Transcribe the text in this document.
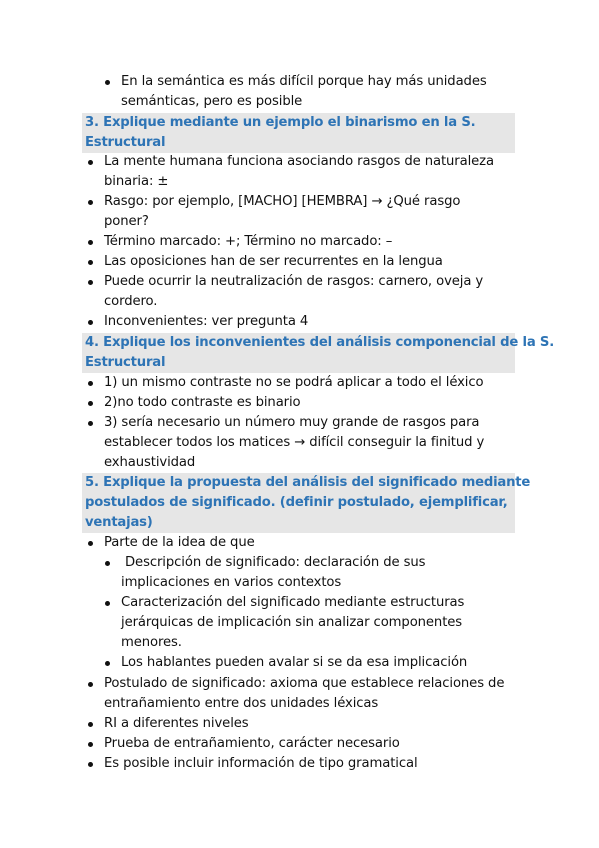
En la semántica es más difícil porque hay más unidades
semánticas, pero es posible
3. Explique mediante un ejemplo el binarismo en la S.
Estructural
La mente humana funciona asociando rasgos de naturaleza
binaria: ±
Rasgo: por ejemplo, [MACHO] [HEMBRA] → ¿Qué rasgo
poner?
Término marcado: +; Término no marcado: –
Las oposiciones han de ser recurrentes en la lengua
Puede ocurrir la neutralización de rasgos: carnero, oveja y
cordero.
Inconvenientes: ver pregunta 4
4. Explique los inconvenientes del análisis componencial de la S.
Estructural
1) un mismo contraste no se podrá aplicar a todo el léxico
2)no todo contraste es binario
3) sería necesario un número muy grande de rasgos para
establecer todos los matices → difícil conseguir la finitud y
exhaustividad
5. Explique la propuesta del análisis del significado mediante
postulados de significado. (definir postulado, ejemplificar,
ventajas)
Parte de la idea de que
Descripción de significado: declaración de sus
implicaciones en varios contextos
Caracterización del significado mediante estructuras
jerárquicas de implicación sin analizar componentes
menores.
Los hablantes pueden avalar si se da esa implicación
Postulado de significado: axioma que establece relaciones de
entrañamiento entre dos unidades léxicas
RI a diferentes niveles
Prueba de entrañamiento, carácter necesario
Es posible incluir información de tipo gramatical
